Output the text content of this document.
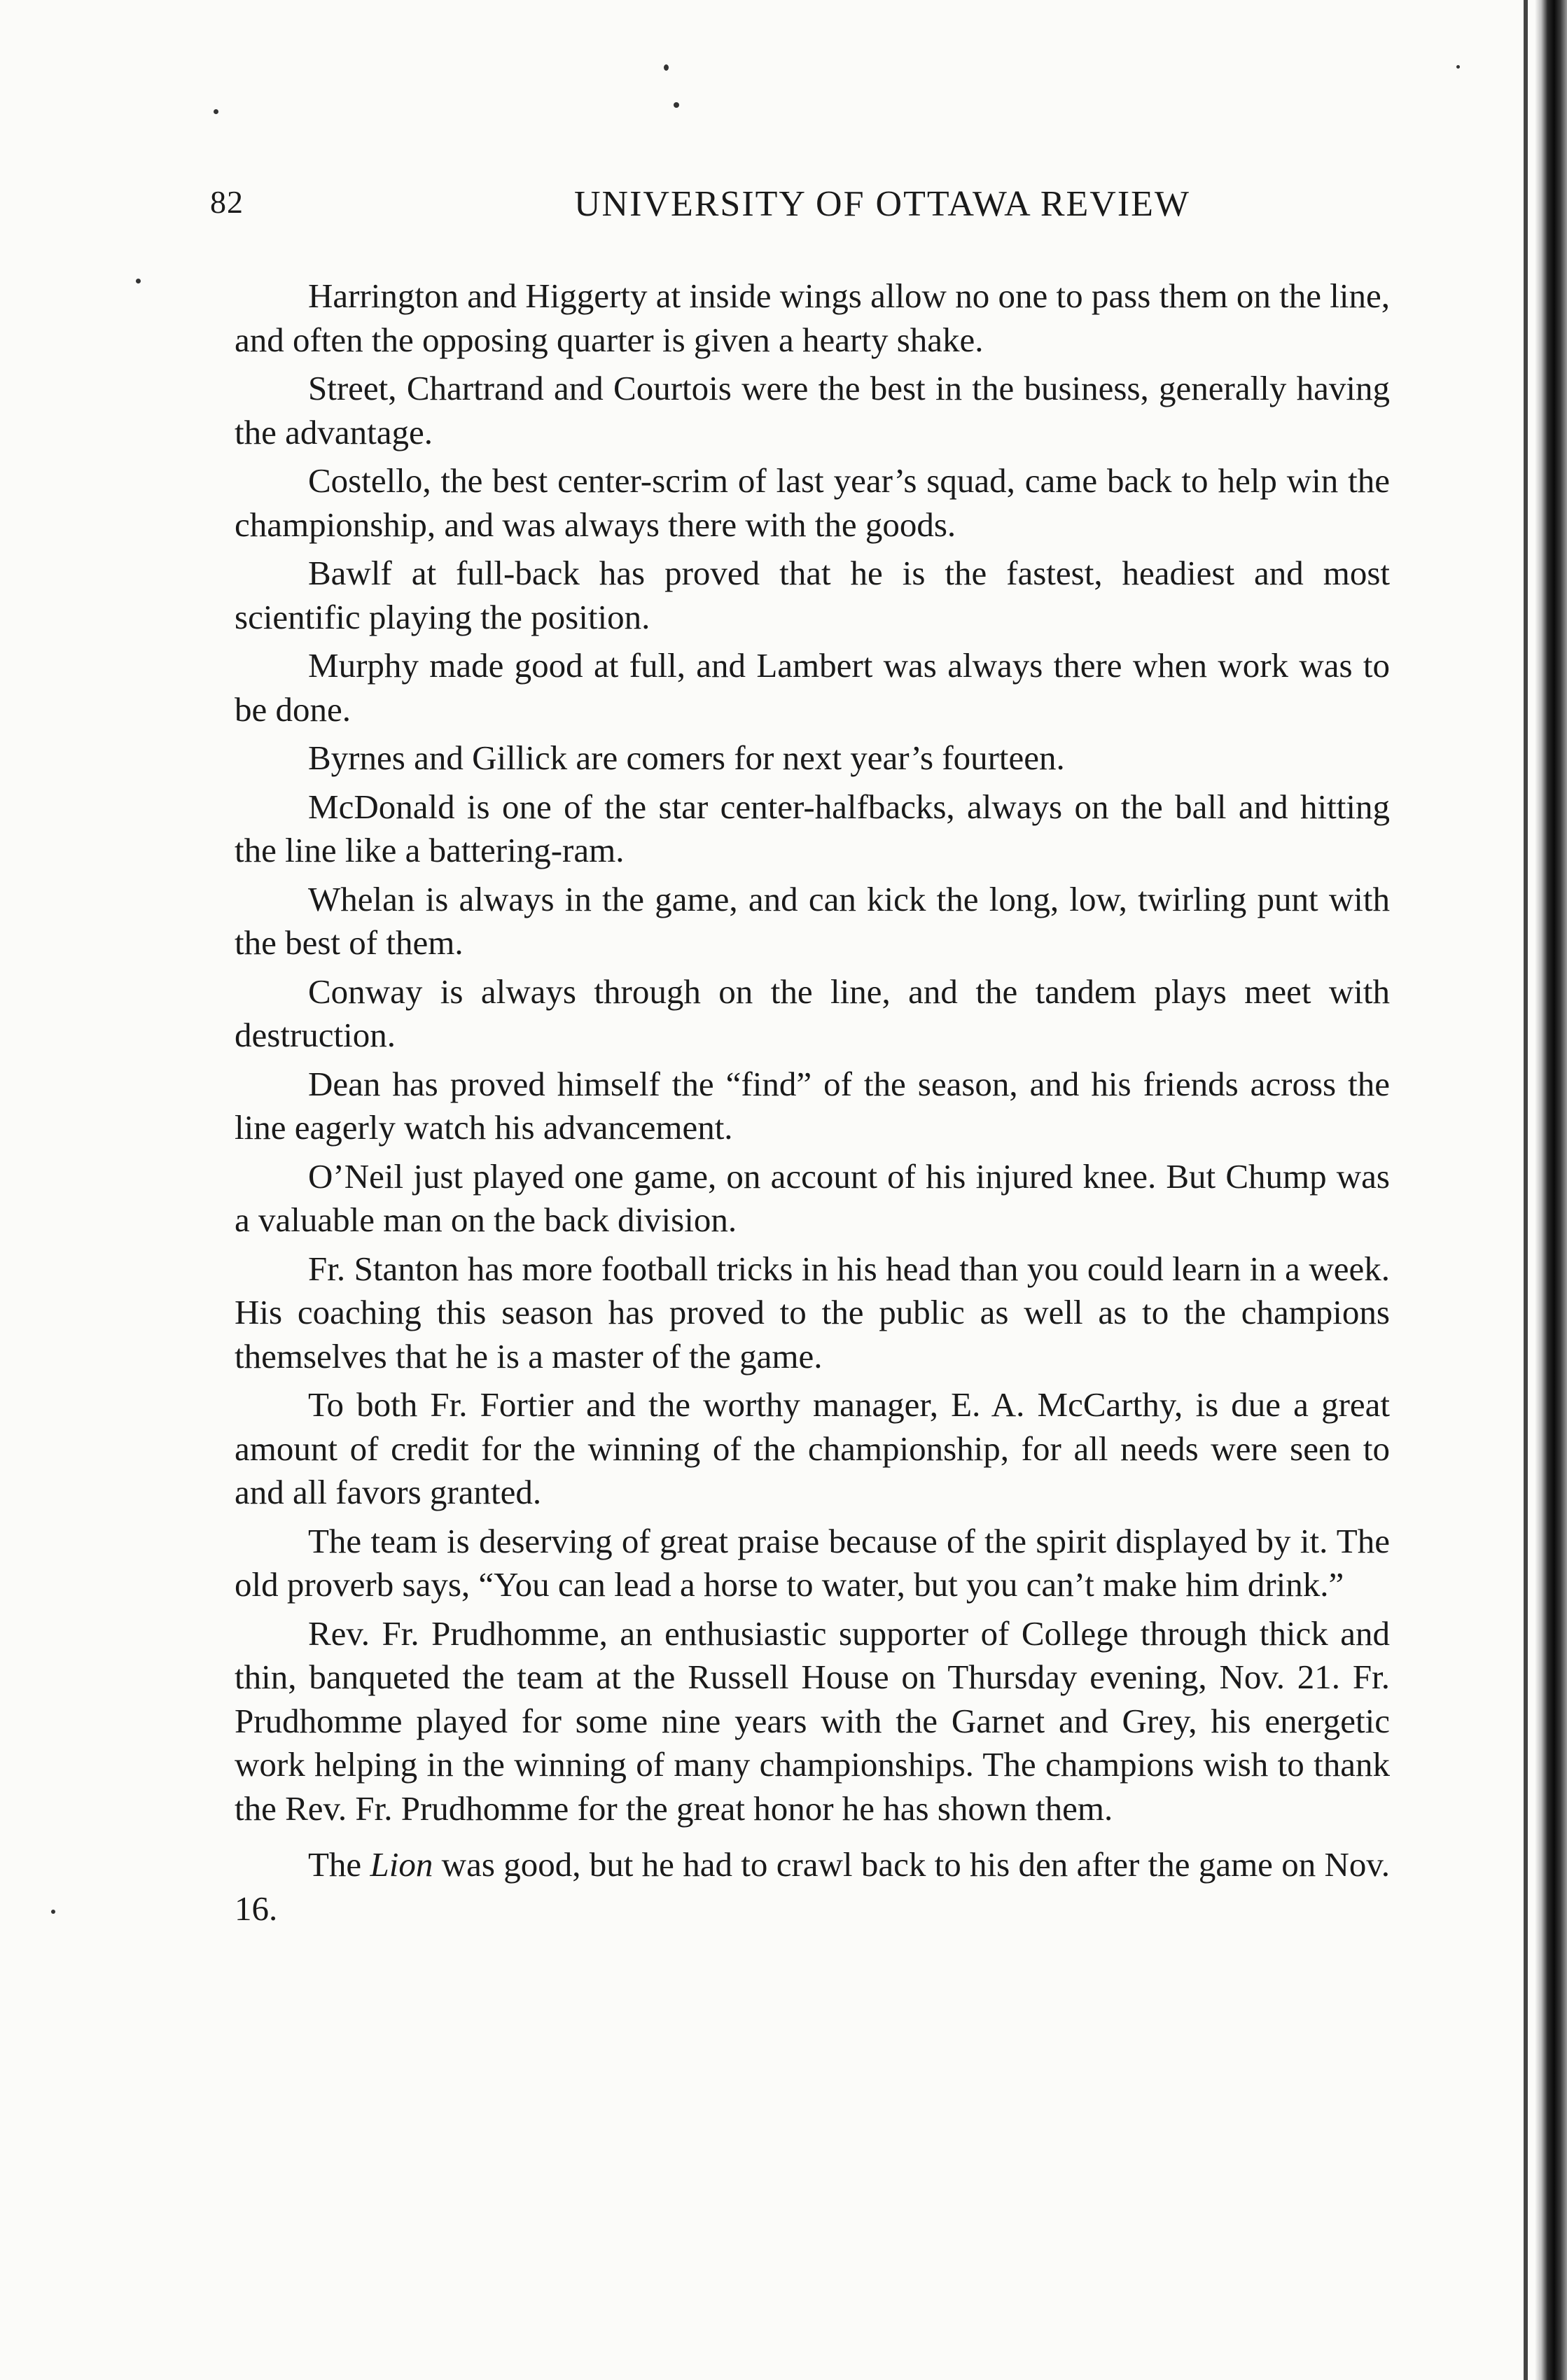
82	UNIVERSITY OF OTTAWA REVIEW

Harrington and Higgerty at inside wings allow no one to pass them on the line, and often the opposing quarter is given a hearty shake.

Street, Chartrand and Courtois were the best in the business, generally having the advantage.

Costello, the best center-scrim of last year’s squad, came back to help win the championship, and was always there with the goods.

Bawlf at full-back has proved that he is the fastest, headiest and most scientific playing the position.

Murphy made good at full, and Lambert was always there when work was to be done.

Byrnes and Gillick are comers for next year’s fourteen.

McDonald is one of the star center-halfbacks, always on the ball and hitting the line like a battering-ram.

Whelan is always in the game, and can kick the long, low, twirling punt with the best of them.

Conway is always through on the line, and the tandem plays meet with destruction.

Dean has proved himself the “find” of the season, and his friends across the line eagerly watch his advancement.

O’Neil just played one game, on account of his injured knee. But Chump was a valuable man on the back division.

Fr. Stanton has more football tricks in his head than you could learn in a week. His coaching this season has proved to the public as well as to the champions themselves that he is a master of the game.

To both Fr. Fortier and the worthy manager, E. A. McCarthy, is due a great amount of credit for the winning of the championship, for all needs were seen to and all favors granted.

The team is deserving of great praise because of the spirit displayed by it. The old proverb says, “You can lead a horse to water, but you can’t make him drink.”

Rev. Fr. Prudhomme, an enthusiastic supporter of College through thick and thin, banqueted the team at the Russell House on Thursday evening, Nov. 21. Fr. Prudhomme played for some nine years with the Garnet and Grey, his energetic work helping in the winning of many championships. The champions wish to thank the Rev. Fr. Prudhomme for the great honor he has shown them.

The Lion was good, but he had to crawl back to his den after the game on Nov. 16.
